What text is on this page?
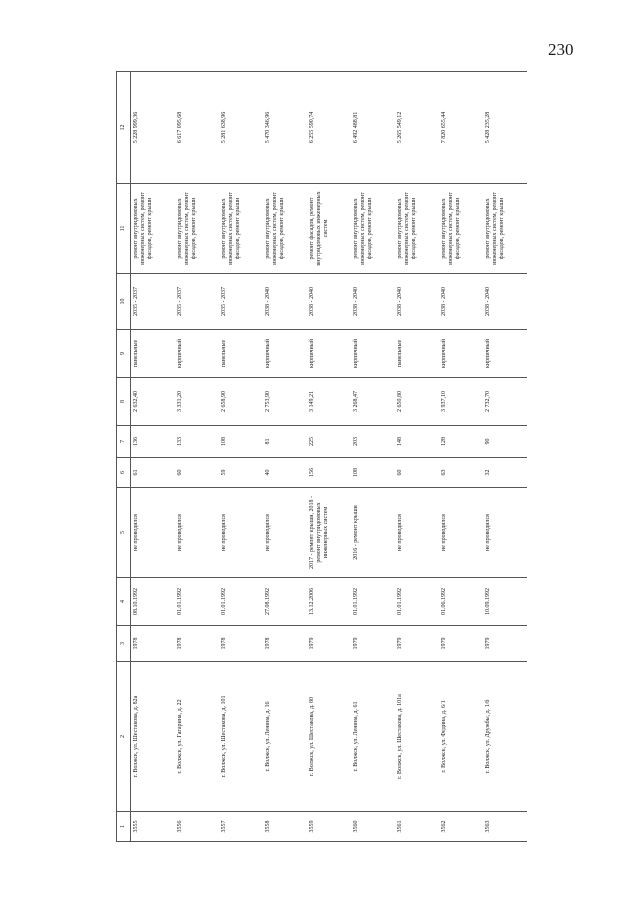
230
1	2	3	4	5	6	7	8	9	10	11	12
3555	г. Волжск, ул. Шестакова, д. 82а	1978	08.10.1992	не проводился	61	136	2 632,40	панельные	2035 - 2037	ремонт внутридомовых инженерных систем, ремонт фасадов, ремонт крыши	5 228 999,36
3556	г. Волжск, ул. Гагарина, д. 22	1978	01.01.1992	не проводился	60	133	3 331,20	кирпичный	2035 - 2037	ремонт внутридомовых инженерных систем, ремонт фасадов, ремонт крыши	6 617 095,68
3557	г. Волжск, ул. Шестакова, д. 101	1978	01.01.1992	не проводился	59	108	2 658,90	панельные	2035 - 2037	ремонт внутридомовых инженерных систем, ремонт фасадов, ремонт крыши	5 281 638,96
3558	г. Волжск, ул. Ленина, д. 16	1978	27.08.1992	не проводился	40	81	2 753,90	кирпичный	2038 - 2040	ремонт внутридомовых инженерных систем, ремонт фасадов, ремонт крыши	5 470 346,96
3559	г. Волжск, ул. Шестакова, д. 80	1979	13.12.2006	2017 - ремонт крыши, 2018 - ремонт внутридомовых инженерных систем	156	225	3 149,21	кирпичный	2038 - 2040	ремонт фасадов, ремонт внутридомовых инженерных систем	6 255 590,74
3560	г. Волжск, ул. Ленина, д. 61	1979	01.01.1992	2016 - ремонт крыши	108	203	3 268,47	кирпичный	2038 - 2040	ремонт внутридомовых инженерных систем, ремонт фасадов, ремонт крыши	6 492 488,81
3561	г. Волжск, ул. Шестакова, д. 101а	1979	01.01.1992	не проводился	60	148	2 650,80	панельные	2038 - 2040	ремонт внутридомовых инженерных систем, ремонт фасадов, ремонт крыши	5 265 549,12
3562	г. Волжск, ул. Федина, д. 6/1	1979	01.06.1992	не проводился	63	128	3 937,10	кирпичный	2038 - 2040	ремонт внутридомовых инженерных систем, ремонт фасадов, ремонт крыши	7 820 655,44
3563	г. Волжск, ул. Дружбы, д. 1/б	1979	10.09.1992	не проводился	32	90	2 732,70	кирпичный	2038 - 2040	ремонт внутридомовых инженерных систем, ремонт фасадов, ремонт крыши	5 428 235,28
